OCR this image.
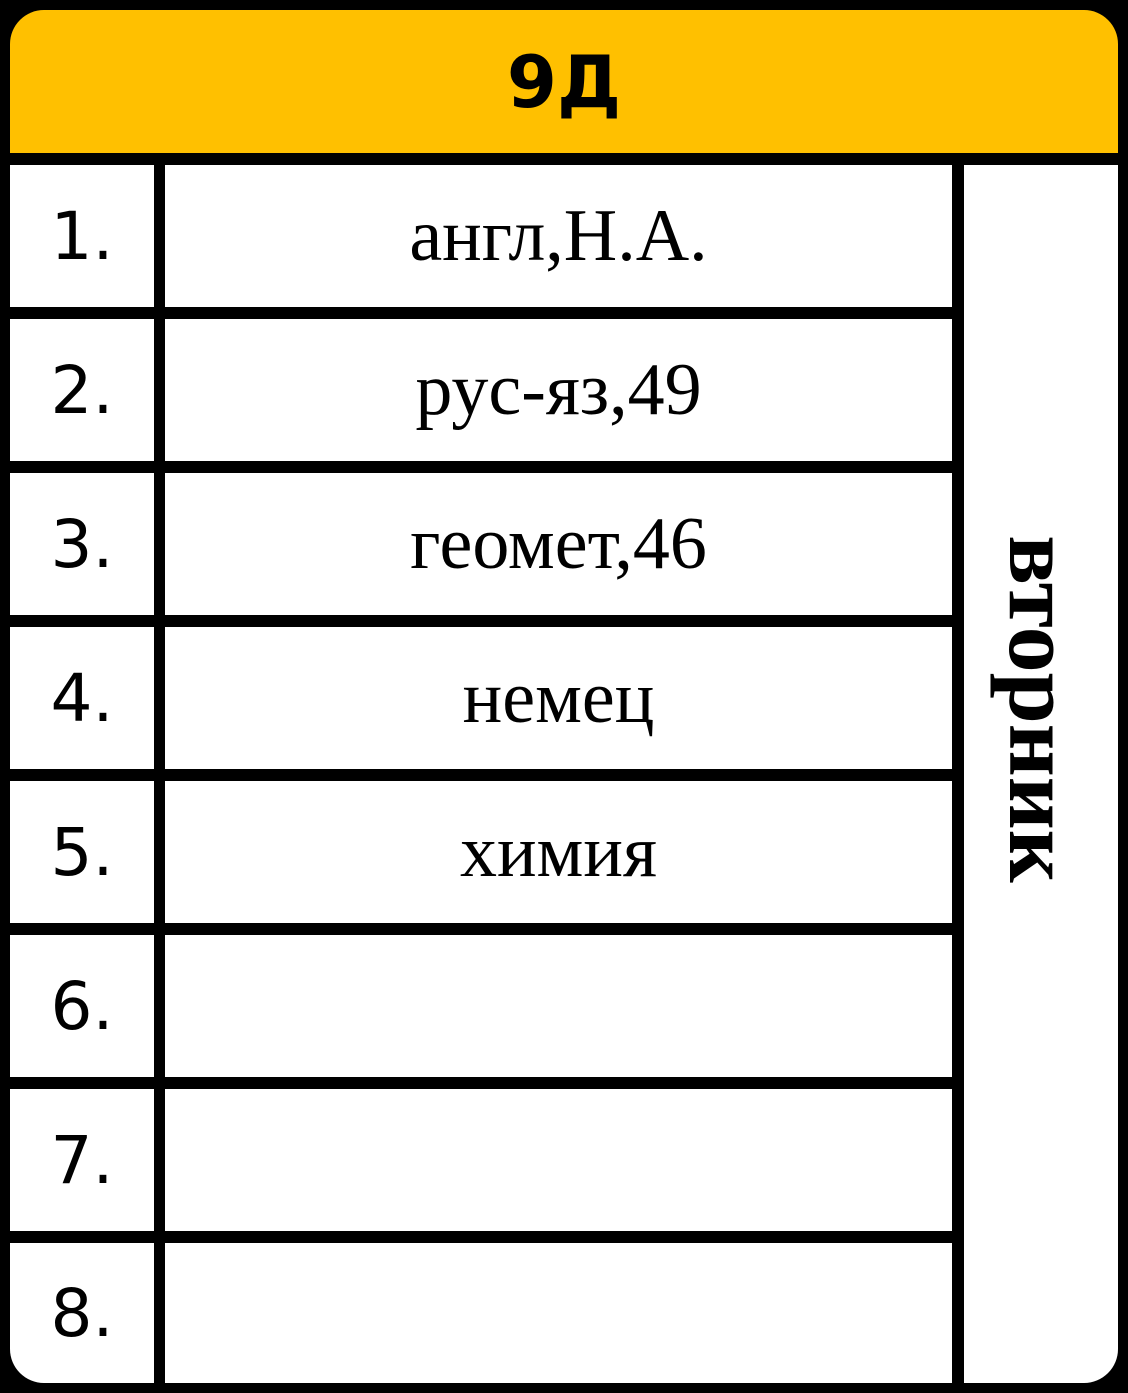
9Д
1.	англ,Н.А.
2.	рус-яз,49
3.	геомет,46
4.	немец
5.	химия
6.
7.
8.
вторник
